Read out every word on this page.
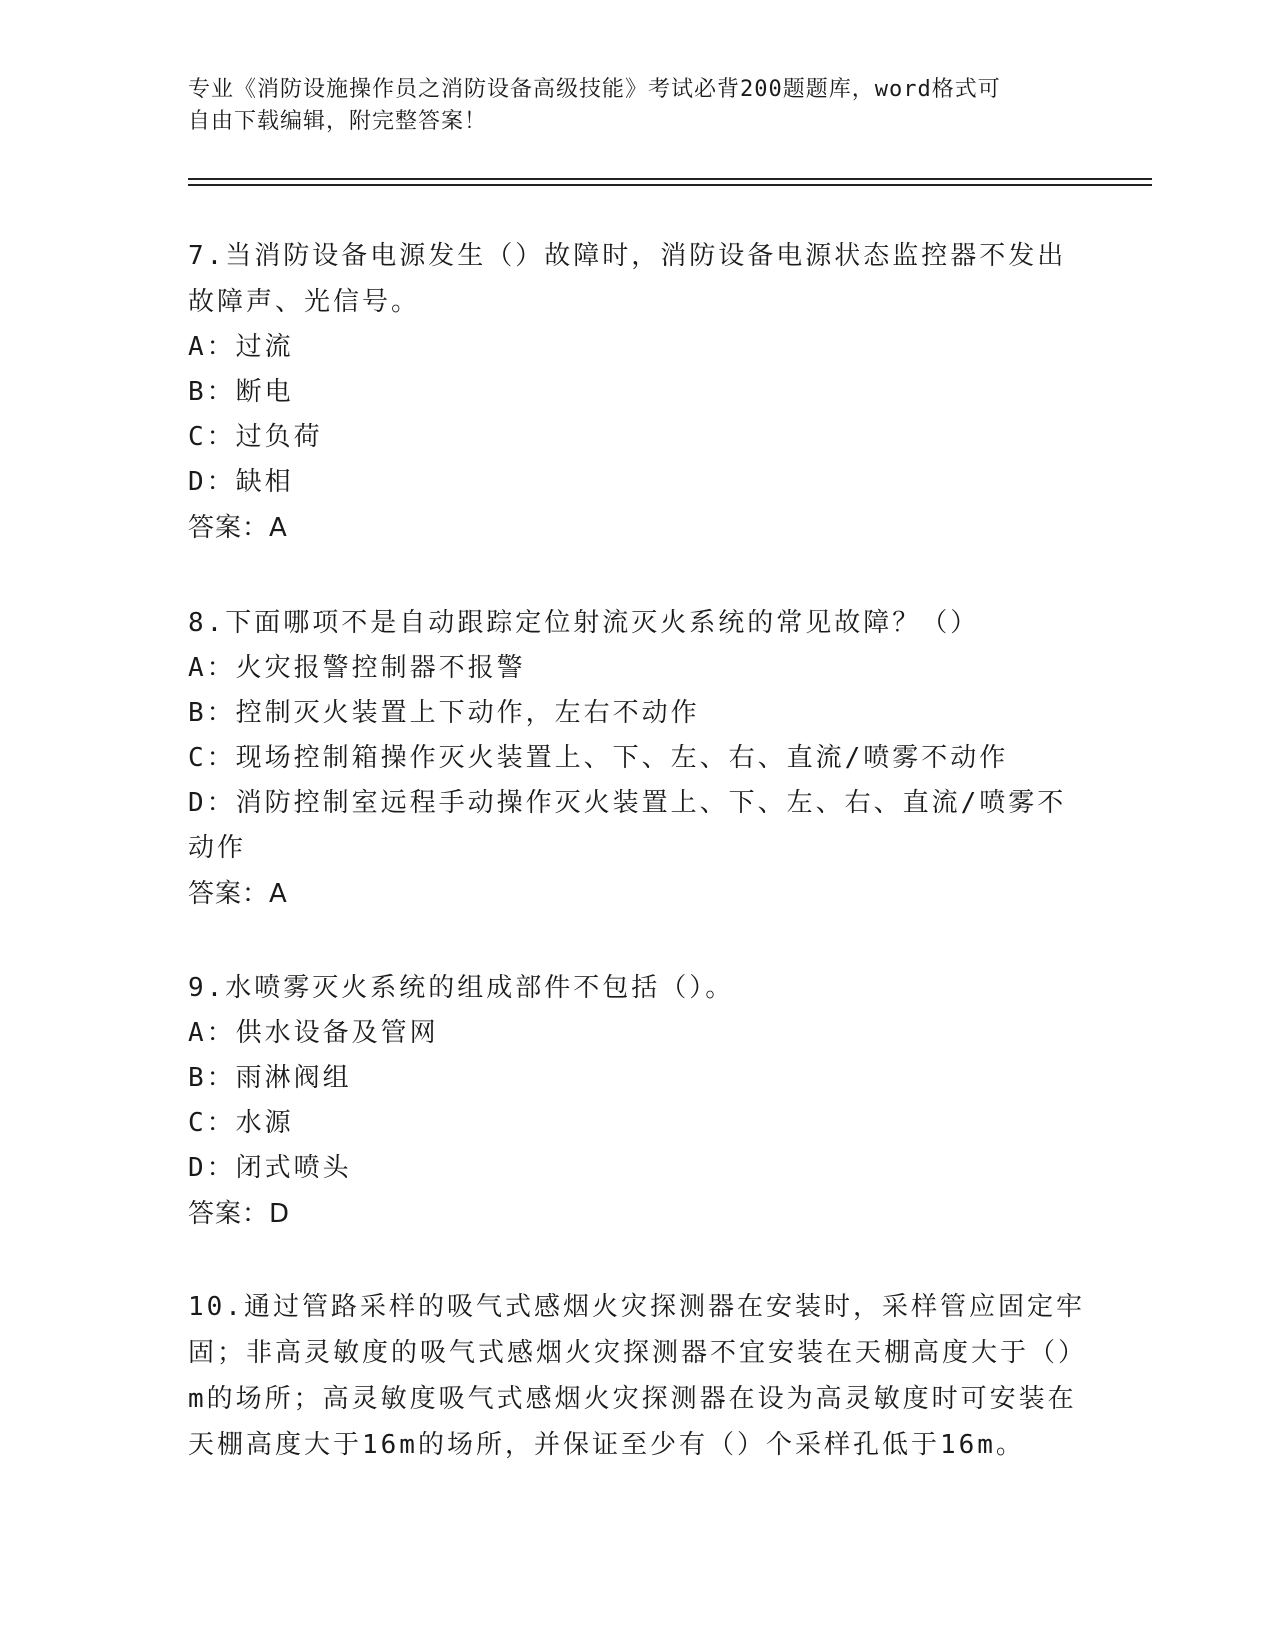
专业《消防设施操作员之消防设备高级技能》考试必背200题题库，word格式可
自由下载编辑，附完整答案！
7.当消防设备电源发生（）故障时，消防设备电源状态监控器不发出故障声、光信号。
A：过流
B：断电
C：过负荷
D：缺相
答案：A
8.下面哪项不是自动跟踪定位射流灭火系统的常见故障？（）
A：火灾报警控制器不报警
B：控制灭火装置上下动作，左右不动作
C：现场控制箱操作灭火装置上、下、左、右、直流/喷雾不动作
D：消防控制室远程手动操作灭火装置上、下、左、右、直流/喷雾不动作
答案：A
9.水喷雾灭火系统的组成部件不包括（）。
A：供水设备及管网
B：雨淋阀组
C：水源
D：闭式喷头
答案：D
10.通过管路采样的吸气式感烟火灾探测器在安装时，采样管应固定牢固；非高灵敏度的吸气式感烟火灾探测器不宜安装在天棚高度大于（）m的场所；高灵敏度吸气式感烟火灾探测器在设为高灵敏度时可安装在天棚高度大于16m的场所，并保证至少有（）个采样孔低于16m。
